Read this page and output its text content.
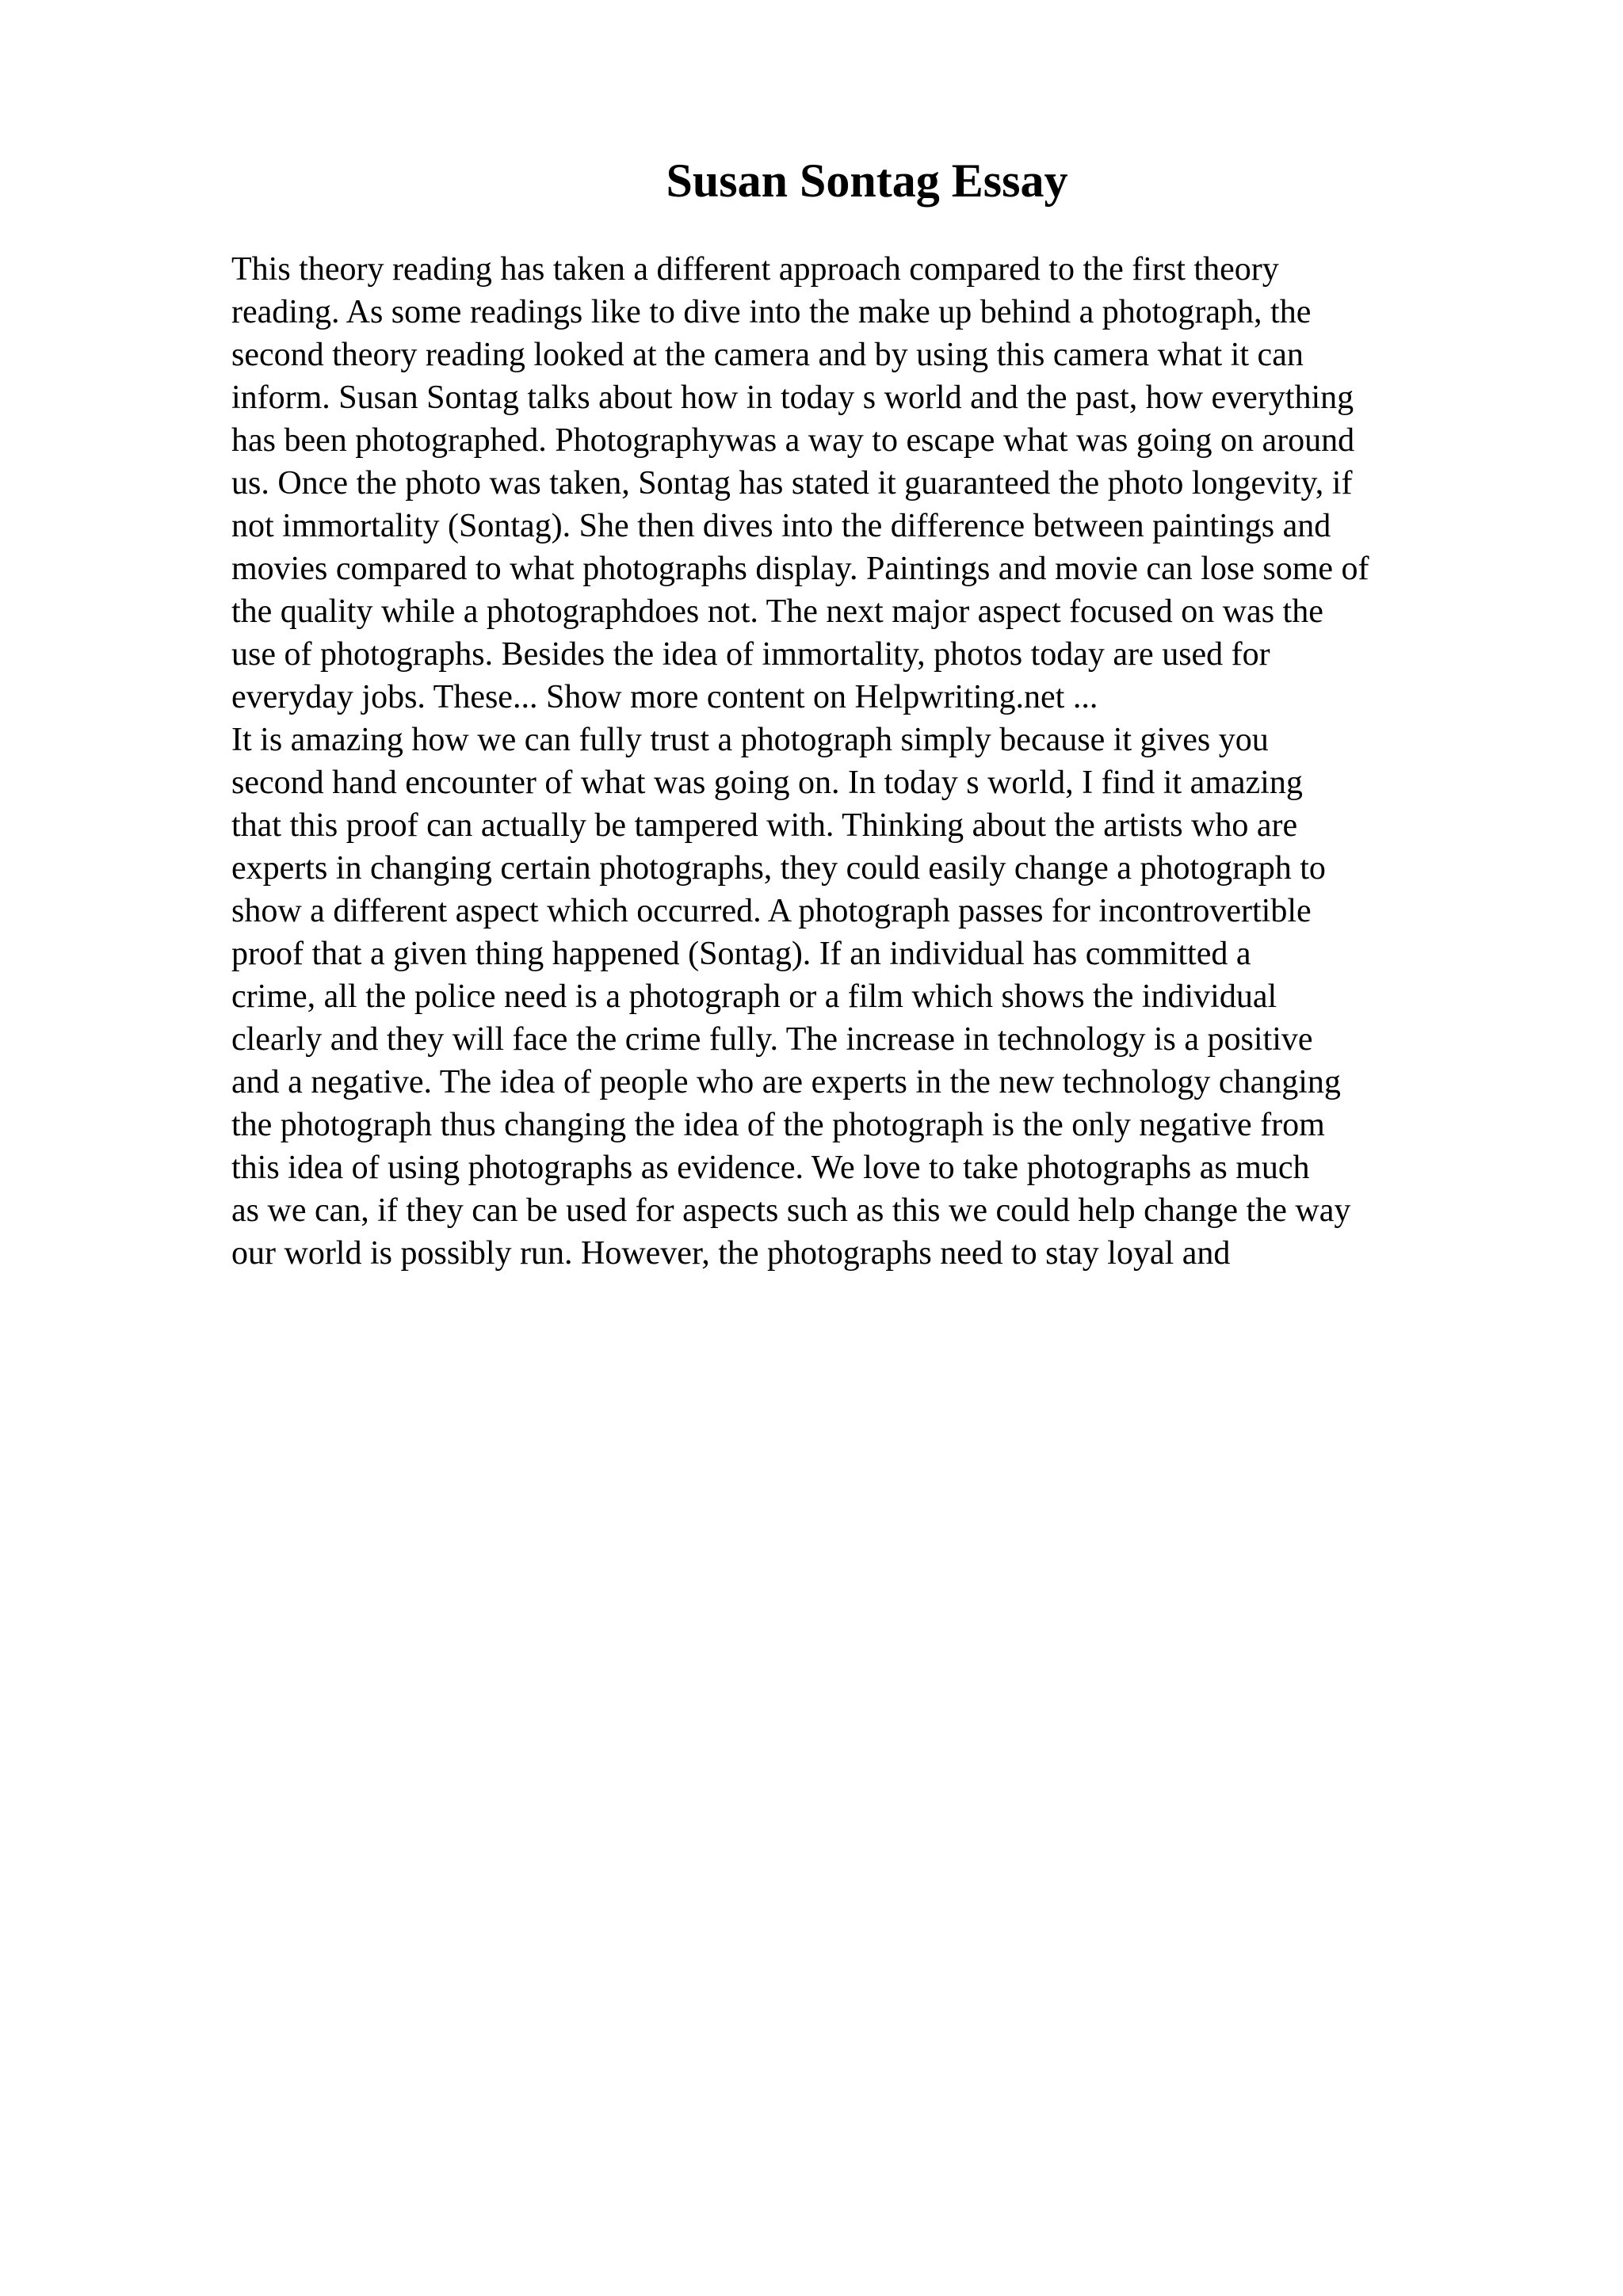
Susan Sontag Essay
This theory reading has taken a different approach compared to the first theory
reading. As some readings like to dive into the make up behind a photograph, the
second theory reading looked at the camera and by using this camera what it can
inform. Susan Sontag talks about how in today s world and the past, how everything
has been photographed. Photographywas a way to escape what was going on around
us. Once the photo was taken, Sontag has stated it guaranteed the photo longevity, if
not immortality (Sontag). She then dives into the difference between paintings and
movies compared to what photographs display. Paintings and movie can lose some of
the quality while a photographdoes not. The next major aspect focused on was the
use of photographs. Besides the idea of immortality, photos today are used for
everyday jobs. These... Show more content on Helpwriting.net ...
It is amazing how we can fully trust a photograph simply because it gives you
second hand encounter of what was going on. In today s world, I find it amazing
that this proof can actually be tampered with. Thinking about the artists who are
experts in changing certain photographs, they could easily change a photograph to
show a different aspect which occurred. A photograph passes for incontrovertible
proof that a given thing happened (Sontag). If an individual has committed a
crime, all the police need is a photograph or a film which shows the individual
clearly and they will face the crime fully. The increase in technology is a positive
and a negative. The idea of people who are experts in the new technology changing
the photograph thus changing the idea of the photograph is the only negative from
this idea of using photographs as evidence. We love to take photographs as much
as we can, if they can be used for aspects such as this we could help change the way
our world is possibly run. However, the photographs need to stay loyal and
